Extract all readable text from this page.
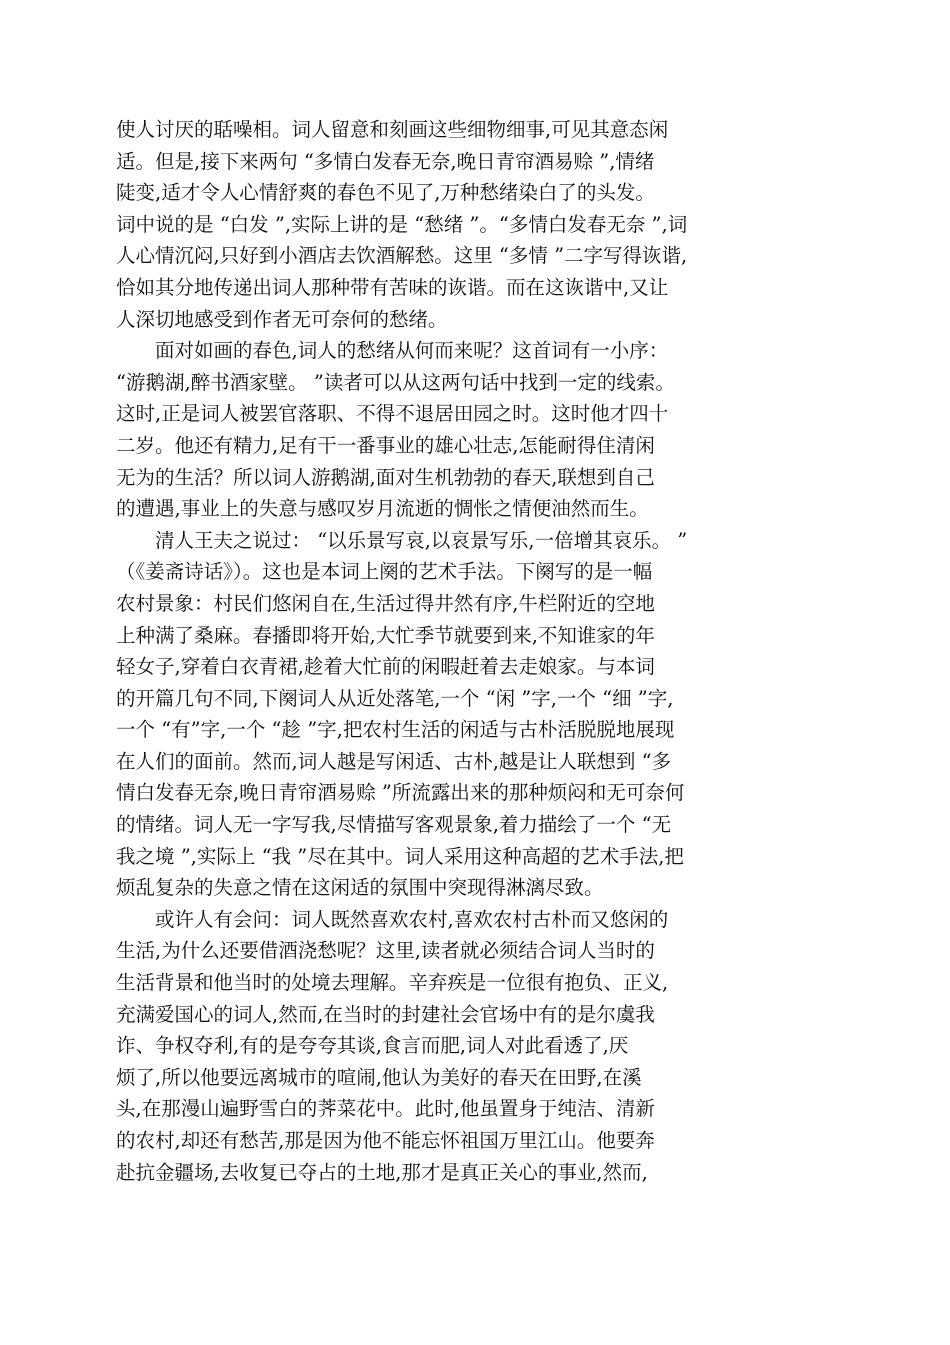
使人讨厌的聒噪相。词人留意和刻画这些细物细事,可见其意态闲
适。但是,接下来两句 “多情白发春无奈,晚日青帘酒易赊 ”,情绪
陡变,适才令人心情舒爽的春色不见了,万种愁绪染白了的头发。
词中说的是 “白发 ”,实际上讲的是 “愁绪 ”。“多情白发春无奈 ”,词
人心情沉闷,只好到小酒店去饮酒解愁。这里 “多情 ”二字写得诙谐,
恰如其分地传递出词人那种带有苦味的诙谐。而在这诙谐中,又让
人深切地感受到作者无可奈何的愁绪。
　　面对如画的春色,词人的愁绪从何而来呢？这首词有一小序：
“游鹅湖,醉书酒家壁。 ”读者可以从这两句话中找到一定的线索。
这时,正是词人被罢官落职、不得不退居田园之时。这时他才四十
二岁。他还有精力,足有干一番事业的雄心壮志,怎能耐得住清闲
无为的生活？所以词人游鹅湖,面对生机勃勃的春天,联想到自己
的遭遇,事业上的失意与感叹岁月流逝的惆怅之情便油然而生。
　　清人王夫之说过： “以乐景写哀,以哀景写乐,一倍增其哀乐。 ”
（《姜斋诗话》）。这也是本词上阕的艺术手法。下阕写的是一幅
农村景象：村民们悠闲自在,生活过得井然有序,牛栏附近的空地
上种满了桑麻。春播即将开始,大忙季节就要到来,不知谁家的年
轻女子,穿着白衣青裙,趁着大忙前的闲暇赶着去走娘家。与本词
的开篇几句不同,下阕词人从近处落笔,一个 “闲 ”字,一个 “细 ”字,
一个 “有”字,一个 “趁 ”字,把农村生活的闲适与古朴活脱脱地展现
在人们的面前。然而,词人越是写闲适、古朴,越是让人联想到 “多
情白发春无奈,晚日青帘酒易赊 ”所流露出来的那种烦闷和无可奈何
的情绪。词人无一字写我,尽情描写客观景象,着力描绘了一个 “无
我之境 ”,实际上 “我 ”尽在其中。词人采用这种高超的艺术手法,把
烦乱复杂的失意之情在这闲适的氛围中突现得淋漓尽致。
　　或许人有会问：词人既然喜欢农村,喜欢农村古朴而又悠闲的
生活,为什么还要借酒浇愁呢？这里,读者就必须结合词人当时的
生活背景和他当时的处境去理解。辛弃疾是一位很有抱负、正义,
充满爱国心的词人,然而,在当时的封建社会官场中有的是尔虞我
诈、争权夺利,有的是夸夸其谈,食言而肥,词人对此看透了,厌
烦了,所以他要远离城市的喧闹,他认为美好的春天在田野,在溪
头,在那漫山遍野雪白的荠菜花中。此时,他虽置身于纯洁、清新
的农村,却还有愁苦,那是因为他不能忘怀祖国万里江山。他要奔
赴抗金疆场,去收复已夺占的土地,那才是真正关心的事业,然而,
